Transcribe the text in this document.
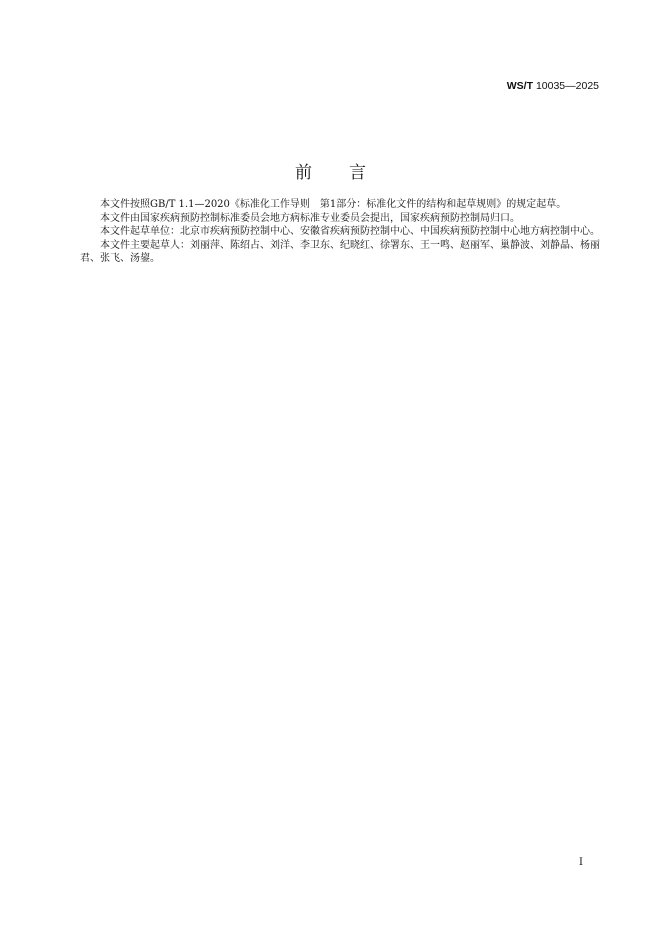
WS/T 10035—2025
前　　言

本文件按照GB/T 1.1—2020《标准化工作导则　第1部分：标准化文件的结构和起草规则》的规定起草。

本文件由国家疾病预防控制标准委员会地方病标准专业委员会提出，国家疾病预防控制局归口。

本文件起草单位：北京市疾病预防控制中心、安徽省疾病预防控制中心、中国疾病预防控制中心地方病控制中心。

本文件主要起草人：刘丽萍、陈绍占、刘洋、李卫东、纪晓红、徐署东、王一鸣、赵丽军、巢静波、刘静晶、杨丽君、张飞、汤鋆。

I
